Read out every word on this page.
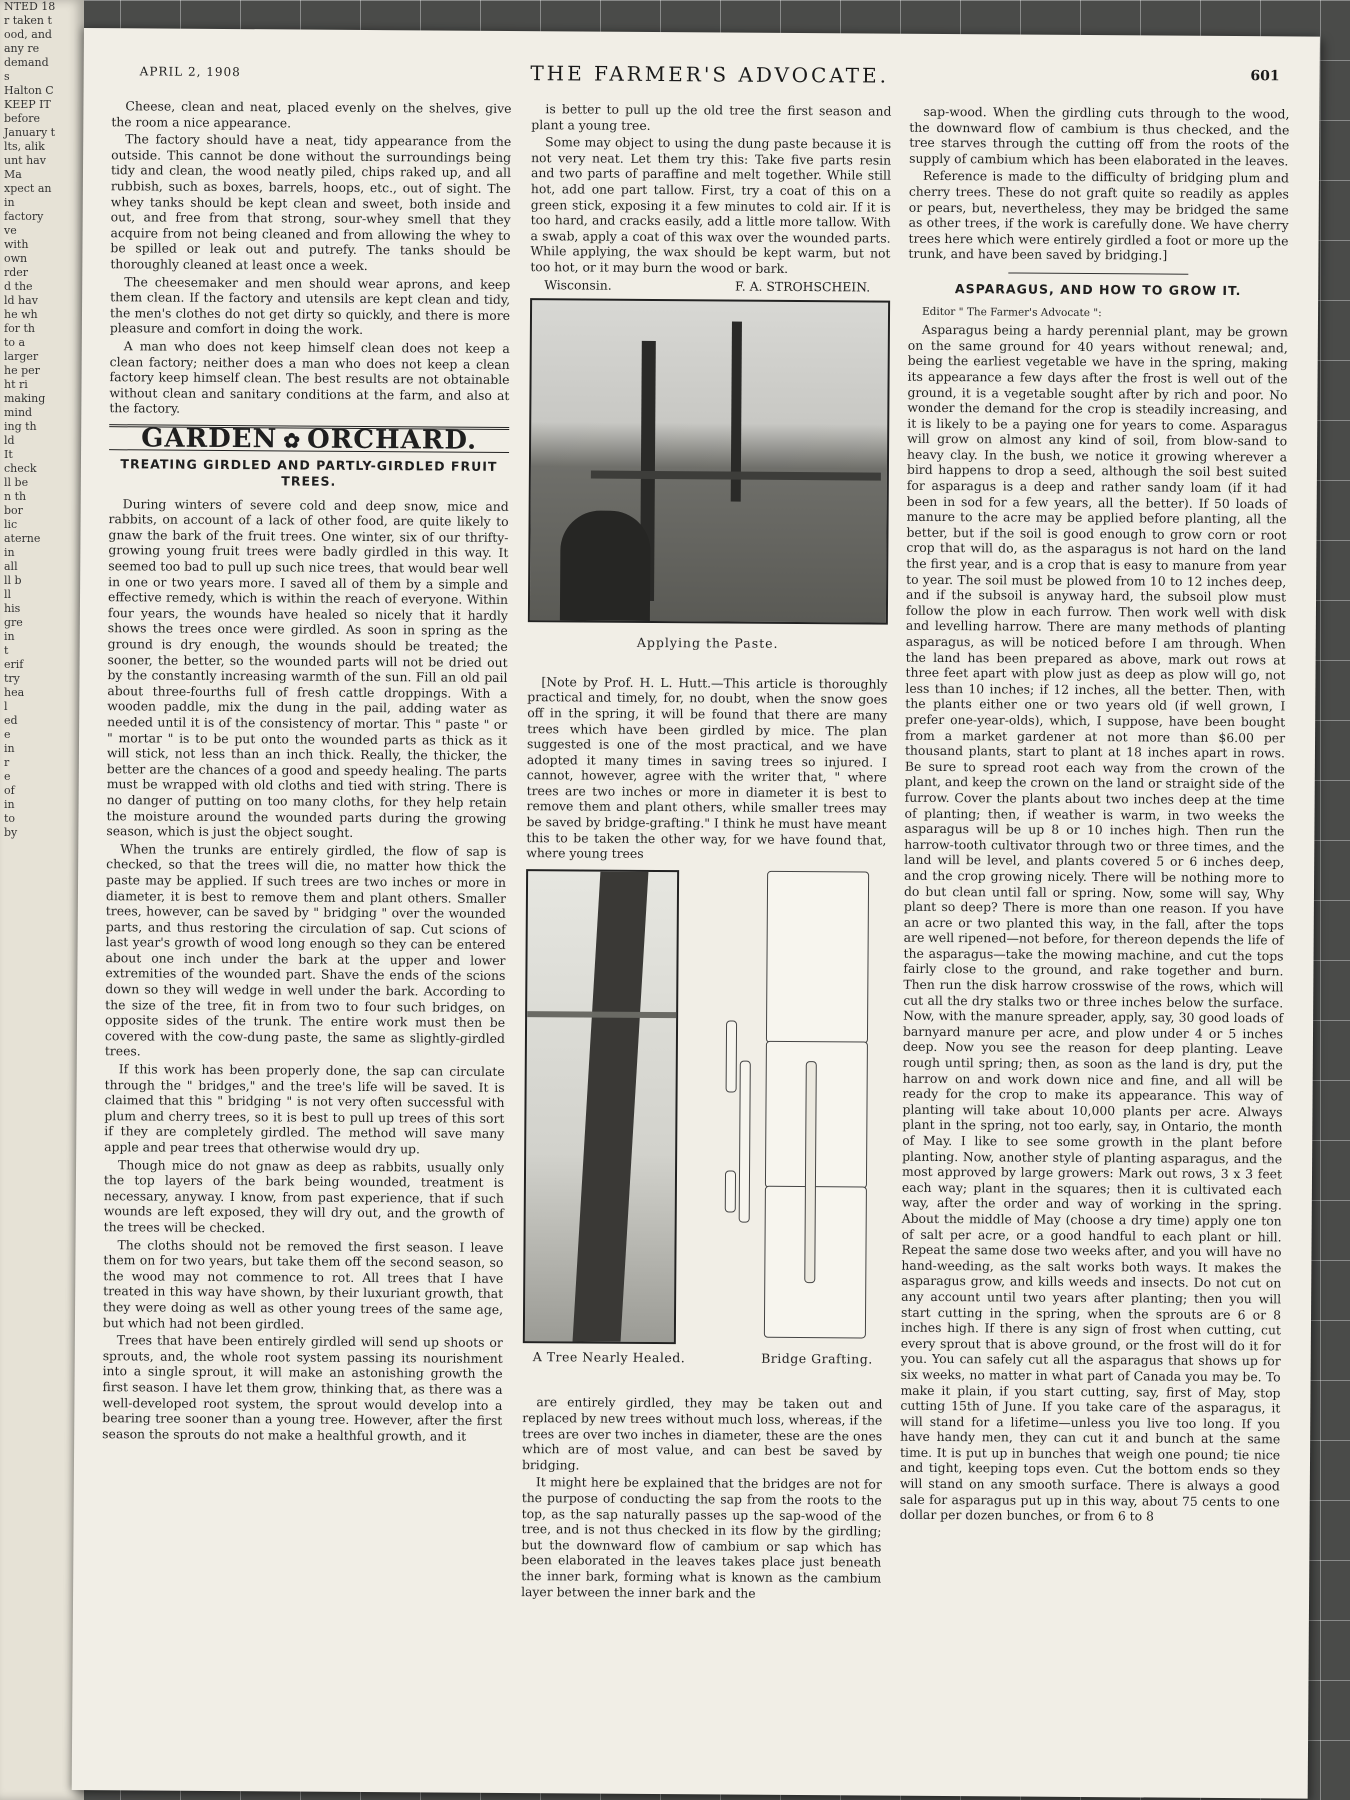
NTED 18

r taken t

ood, and

any re

demand

s

Halton C

KEEP IT

before

January t

lts, alik

unt hav

Ma

xpect an

in

factory

ve

with

own

rder

d the

ld hav

he wh

for th

to a

larger

he per

ht ri

making

mind

ing th

ld

It

check

ll be

n th

bor

lic

aterne

in

all

ll b

ll

his

gre

in

t

erif

try

hea

l

ed

e

in

r

e

of

in

to

by

APRIL 2, 1908	THE FARMER'S ADVOCATE.	601

Cheese, clean and neat, placed evenly on the shelves, give the room a nice appearance.

The factory should have a neat, tidy appearance from the outside. This cannot be done without the surroundings being tidy and clean, the wood neatly piled, chips raked up, and all rubbish, such as boxes, barrels, hoops, etc., out of sight. The whey tanks should be kept clean and sweet, both inside and out, and free from that strong, sour-whey smell that they acquire from not being cleaned and from allowing the whey to be spilled or leak out and putrefy. The tanks should be thoroughly cleaned at least once a week.

The cheesemaker and men should wear aprons, and keep them clean. If the factory and utensils are kept clean and tidy, the men's clothes do not get dirty so quickly, and there is more pleasure and comfort in doing the work.

A man who does not keep himself clean does not keep a clean factory; neither does a man who does not keep a clean factory keep himself clean. The best results are not obtainable without clean and sanitary conditions at the farm, and also at the factory.

GARDEN ✿ ORCHARD.
TREATING GIRDLED AND PARTLY-GIRDLED FRUIT TREES.

During winters of severe cold and deep snow, mice and rabbits, on account of a lack of other food, are quite likely to gnaw the bark of the fruit trees. One winter, six of our thrifty-growing young fruit trees were badly girdled in this way. It seemed too bad to pull up such nice trees, that would bear well in one or two years more. I saved all of them by a simple and effective remedy, which is within the reach of everyone. Within four years, the wounds have healed so nicely that it hardly shows the trees once were girdled. As soon in spring as the ground is dry enough, the wounds should be treated; the sooner, the better, so the wounded parts will not be dried out by the constantly increasing warmth of the sun. Fill an old pail about three-fourths full of fresh cattle droppings. With a wooden paddle, mix the dung in the pail, adding water as needed until it is of the consistency of mortar. This " paste " or " mortar " is to be put onto the wounded parts as thick as it will stick, not less than an inch thick. Really, the thicker, the better are the chances of a good and speedy healing. The parts must be wrapped with old cloths and tied with string. There is no danger of putting on too many cloths, for they help retain the moisture around the wounded parts during the growing season, which is just the object sought.

When the trunks are entirely girdled, the flow of sap is checked, so that the trees will die, no matter how thick the paste may be applied. If such trees are two inches or more in diameter, it is best to remove them and plant others. Smaller trees, however, can be saved by " bridging " over the wounded parts, and thus restoring the circulation of sap. Cut scions of last year's growth of wood long enough so they can be entered about one inch under the bark at the upper and lower extremities of the wounded part. Shave the ends of the scions down so they will wedge in well under the bark. According to the size of the tree, fit in from two to four such bridges, on opposite sides of the trunk. The entire work must then be covered with the cow-dung paste, the same as slightly-girdled trees.

If this work has been properly done, the sap can circulate through the " bridges," and the tree's life will be saved. It is claimed that this " bridging " is not very often successful with plum and cherry trees, so it is best to pull up trees of this sort if they are completely girdled. The method will save many apple and pear trees that otherwise would dry up.

Though mice do not gnaw as deep as rabbits, usually only the top layers of the bark being wounded, treatment is necessary, anyway. I know, from past experience, that if such wounds are left exposed, they will dry out, and the growth of the trees will be checked.

The cloths should not be removed the first season. I leave them on for two years, but take them off the second season, so the wood may not commence to rot. All trees that I have treated in this way have shown, by their luxuriant growth, that they were doing as well as other young trees of the same age, but which had not been girdled.

Trees that have been entirely girdled will send up shoots or sprouts, and, the whole root system passing its nourishment into a single sprout, it will make an astonishing growth the first season. I have let them grow, thinking that, as there was a well-developed root system, the sprout would develop into a bearing tree sooner than a young tree. However, after the first season the sprouts do not make a healthful growth, and it

is better to pull up the old tree the first season and plant a young tree.

Some may object to using the dung paste because it is not very neat. Let them try this: Take five parts resin and two parts of paraffine and melt together. While still hot, add one part tallow. First, try a coat of this on a green stick, exposing it a few minutes to cold air. If it is too hard, and cracks easily, add a little more tallow. With a swab, apply a coat of this wax over the wounded parts. While applying, the wax should be kept warm, but not too hot, or it may burn the wood or bark.

Wisconsin.	F. A. STROHSCHEIN.
Applying the Paste.

[Note by Prof. H. L. Hutt.—This article is thoroughly practical and timely, for, no doubt, when the snow goes off in the spring, it will be found that there are many trees which have been girdled by mice. The plan suggested is one of the most practical, and we have adopted it many times in saving trees so injured. I cannot, however, agree with the writer that, " where trees are two inches or more in diameter it is best to remove them and plant others, while smaller trees may be saved by bridge-grafting." I think he must have meant this to be taken the other way, for we have found that, where young trees

A Tree Nearly Healed.	Bridge Grafting.

are entirely girdled, they may be taken out and replaced by new trees without much loss, whereas, if the trees are over two inches in diameter, these are the ones which are of most value, and can best be saved by bridging.

It might here be explained that the bridges are not for the purpose of conducting the sap from the roots to the top, as the sap naturally passes up the sap-wood of the tree, and is not thus checked in its flow by the girdling; but the downward flow of cambium or sap which has been elaborated in the leaves takes place just beneath the inner bark, forming what is known as the cambium layer between the inner bark and the

sap-wood. When the girdling cuts through to the wood, the downward flow of cambium is thus checked, and the tree starves through the cutting off from the roots of the supply of cambium which has been elaborated in the leaves.

Reference is made to the difficulty of bridging plum and cherry trees. These do not graft quite so readily as apples or pears, but, nevertheless, they may be bridged the same as other trees, if the work is carefully done. We have cherry trees here which were entirely girdled a foot or more up the trunk, and have been saved by bridging.]

ASPARAGUS, AND HOW TO GROW IT.

Editor " The Farmer's Advocate ":

Asparagus being a hardy perennial plant, may be grown on the same ground for 40 years without renewal; and, being the earliest vegetable we have in the spring, making its appearance a few days after the frost is well out of the ground, it is a vegetable sought after by rich and poor. No wonder the demand for the crop is steadily increasing, and it is likely to be a paying one for years to come. Asparagus will grow on almost any kind of soil, from blow-sand to heavy clay. In the bush, we notice it growing wherever a bird happens to drop a seed, although the soil best suited for asparagus is a deep and rather sandy loam (if it had been in sod for a few years, all the better). If 50 loads of manure to the acre may be applied before planting, all the better, but if the soil is good enough to grow corn or root crop that will do, as the asparagus is not hard on the land the first year, and is a crop that is easy to manure from year to year. The soil must be plowed from 10 to 12 inches deep, and if the subsoil is anyway hard, the subsoil plow must follow the plow in each furrow. Then work well with disk and levelling harrow. There are many methods of planting asparagus, as will be noticed before I am through. When the land has been prepared as above, mark out rows at three feet apart with plow just as deep as plow will go, not less than 10 inches; if 12 inches, all the better. Then, with the plants either one or two years old (if well grown, I prefer one-year-olds), which, I suppose, have been bought from a market gardener at not more than $6.00 per thousand plants, start to plant at 18 inches apart in rows. Be sure to spread root each way from the crown of the plant, and keep the crown on the land or straight side of the furrow. Cover the plants about two inches deep at the time of planting; then, if weather is warm, in two weeks the asparagus will be up 8 or 10 inches high. Then run the harrow-tooth cultivator through two or three times, and the land will be level, and plants covered 5 or 6 inches deep, and the crop growing nicely. There will be nothing more to do but clean until fall or spring. Now, some will say, Why plant so deep? There is more than one reason. If you have an acre or two planted this way, in the fall, after the tops are well ripened—not before, for thereon depends the life of the asparagus—take the mowing machine, and cut the tops fairly close to the ground, and rake together and burn. Then run the disk harrow crosswise of the rows, which will cut all the dry stalks two or three inches below the surface. Now, with the manure spreader, apply, say, 30 good loads of barnyard manure per acre, and plow under 4 or 5 inches deep. Now you see the reason for deep planting. Leave rough until spring; then, as soon as the land is dry, put the harrow on and work down nice and fine, and all will be ready for the crop to make its appearance. This way of planting will take about 10,000 plants per acre. Always plant in the spring, not too early, say, in Ontario, the month of May. I like to see some growth in the plant before planting. Now, another style of planting asparagus, and the most approved by large growers: Mark out rows, 3 x 3 feet each way; plant in the squares; then it is cultivated each way, after the order and way of working in the spring. About the middle of May (choose a dry time) apply one ton of salt per acre, or a good handful to each plant or hill. Repeat the same dose two weeks after, and you will have no hand-weeding, as the salt works both ways. It makes the asparagus grow, and kills weeds and insects. Do not cut on any account until two years after planting; then you will start cutting in the spring, when the sprouts are 6 or 8 inches high. If there is any sign of frost when cutting, cut every sprout that is above ground, or the frost will do it for you. You can safely cut all the asparagus that shows up for six weeks, no matter in what part of Canada you may be. To make it plain, if you start cutting, say, first of May, stop cutting 15th of June. If you take care of the asparagus, it will stand for a lifetime—unless you live too long. If you have handy men, they can cut it and bunch at the same time. It is put up in bunches that weigh one pound; tie nice and tight, keeping tops even. Cut the bottom ends so they will stand on any smooth surface. There is always a good sale for asparagus put up in this way, about 75 cents to one dollar per dozen bunches, or from 6 to 8
